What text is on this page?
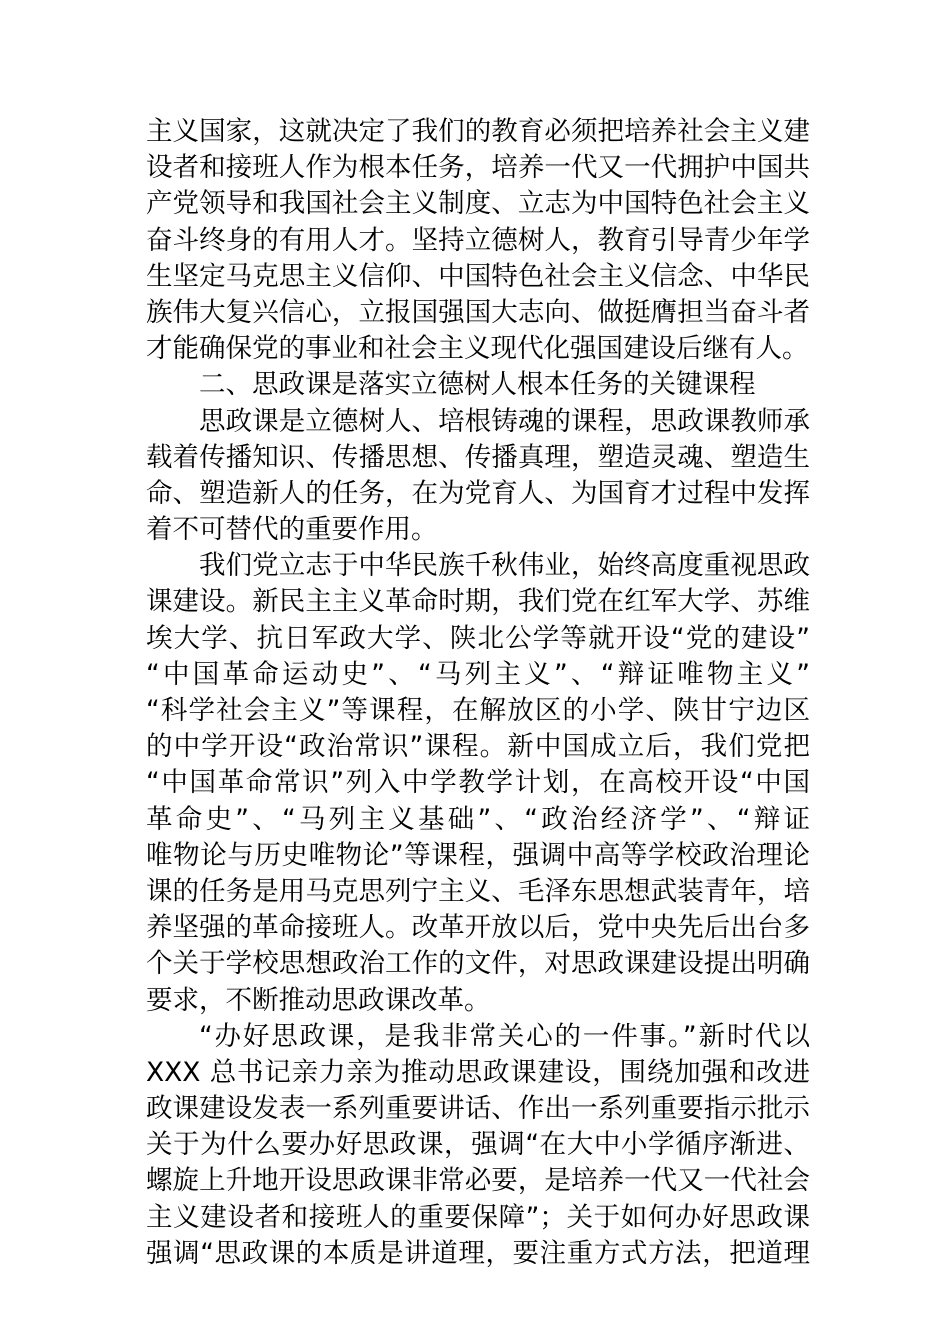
主义国家，这就决定了我们的教育必须把培养社会主义建
设者和接班人作为根本任务，培养一代又一代拥护中国共
产党领导和我国社会主义制度、立志为中国特色社会主义
奋斗终身的有用人才。坚持立德树人，教育引导青少年学
生坚定马克思主义信仰、中国特色社会主义信念、中华民
族伟大复兴信心，立报国强国大志向、做挺膺担当奋斗者
才能确保党的事业和社会主义现代化强国建设后继有人。
二、思政课是落实立德树人根本任务的关键课程
思政课是立德树人、培根铸魂的课程，思政课教师承
载着传播知识、传播思想、传播真理，塑造灵魂、塑造生
命、塑造新人的任务，在为党育人、为国育才过程中发挥
着不可替代的重要作用。
我们党立志于中华民族千秋伟业，始终高度重视思政
课建设。新民主主义革命时期，我们党在红军大学、苏维
埃大学、抗日军政大学、陕北公学等就开设“党的建设”
“中国革命运动史”、“马列主义”、“辩证唯物主义”
“科学社会主义”等课程，在解放区的小学、陕甘宁边区
的中学开设“政治常识”课程。新中国成立后，我们党把
“中国革命常识”列入中学教学计划，在高校开设“中国
革命史”、“马列主义基础”、“政治经济学”、“辩证
唯物论与历史唯物论”等课程，强调中高等学校政治理论
课的任务是用马克思列宁主义、毛泽东思想武装青年，培
养坚强的革命接班人。改革开放以后，党中央先后出台多
个关于学校思想政治工作的文件，对思政课建设提出明确
要求，不断推动思政课改革。
“办好思政课，是我非常关心的一件事。”新时代以
XXX 总书记亲力亲为推动思政课建设，围绕加强和改进
政课建设发表一系列重要讲话、作出一系列重要指示批示
关于为什么要办好思政课，强调“在大中小学循序渐进、
螺旋上升地开设思政课非常必要，是培养一代又一代社会
主义建设者和接班人的重要保障”；关于如何办好思政课
强调“思政课的本质是讲道理，要注重方式方法，把道理
